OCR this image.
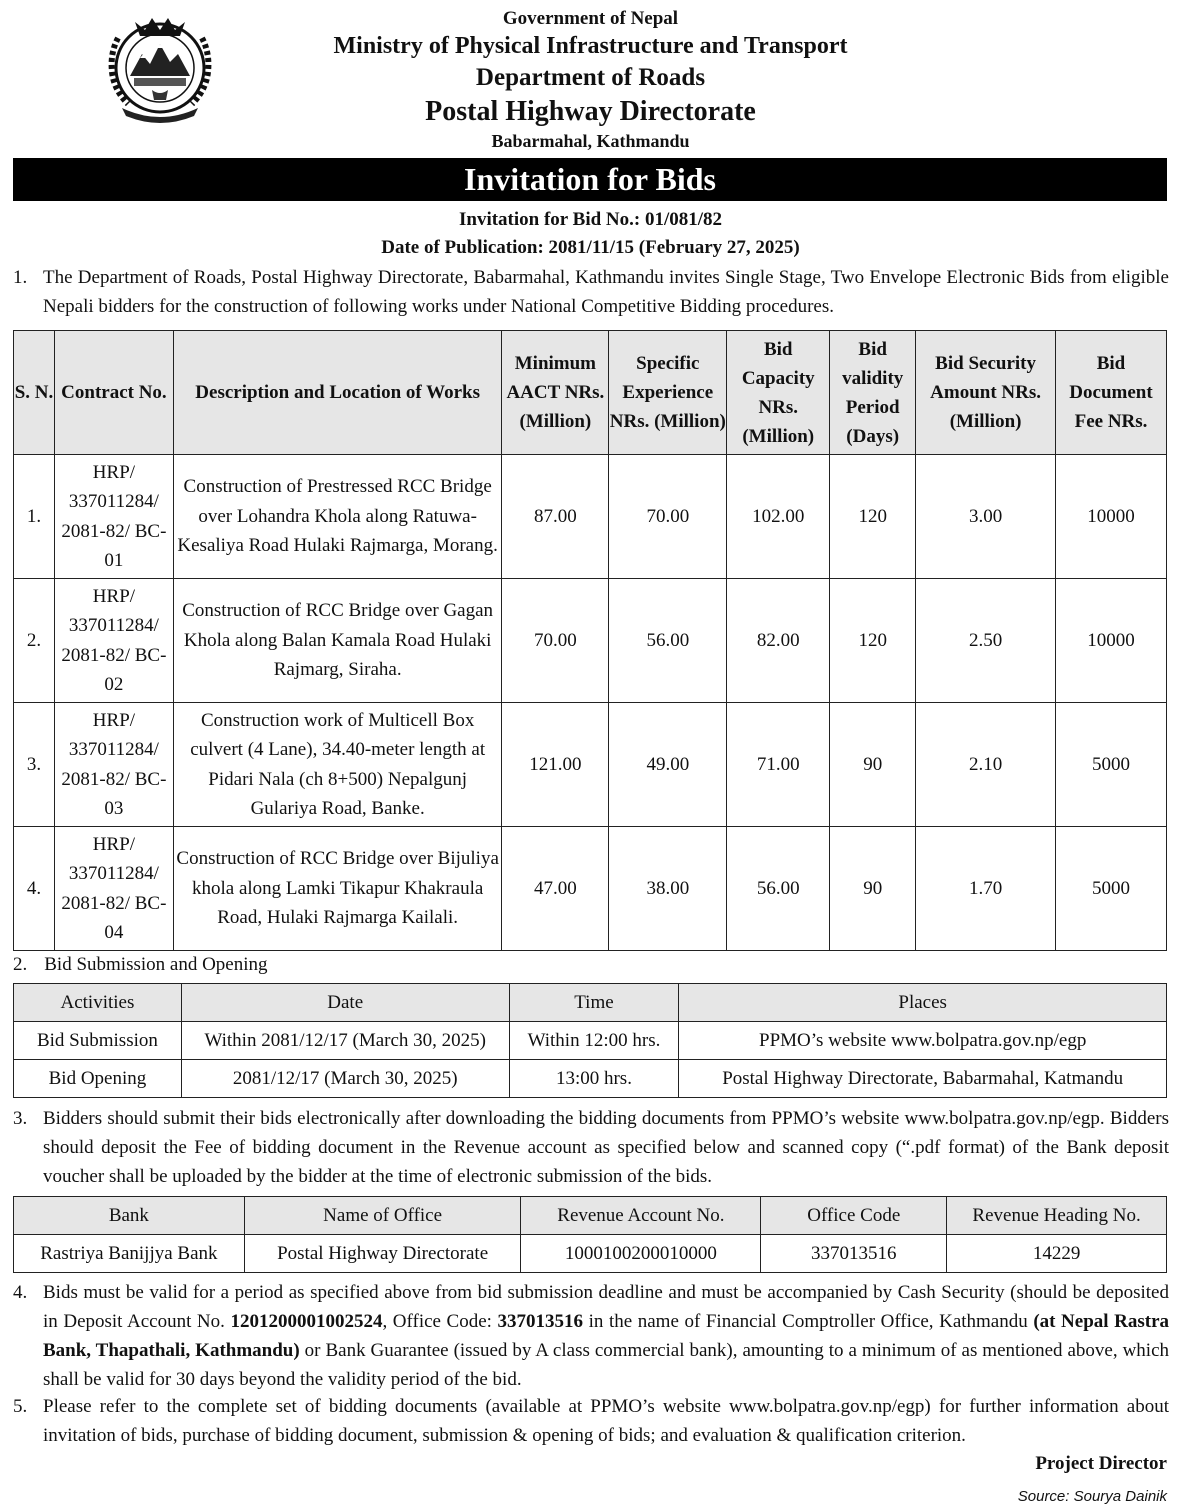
Government of Nepal
Ministry of Physical Infrastructure and Transport
Department of Roads
Postal Highway Directorate
Babarmahal, Kathmandu
Invitation for Bids
Invitation for Bid No.: 01/081/82
Date of Publication: 2081/11/15 (February 27, 2025)
1. The Department of Roads, Postal Highway Directorate, Babarmahal, Kathmandu invites Single Stage, Two Envelope Electronic Bids from eligible Nepali bidders for the construction of following works under National Competitive Bidding procedures.
S. N.	Contract No.	Description and Location of Works	Minimum AACT NRs. (Million)	Specific Experience NRs. (Million)	Bid Capacity NRs. (Million)	Bid validity Period (Days)	Bid Security Amount NRs. (Million)	Bid Document Fee NRs.
1.	HRP/ 337011284/ 2081-82/ BC-01	Construction of Prestressed RCC Bridge over Lohandra Khola along Ratuwa- Kesaliya Road Hulaki Rajmarga, Morang.	87.00	70.00	102.00	120	3.00	10000
2.	HRP/ 337011284/ 2081-82/ BC-02	Construction of RCC Bridge over Gagan Khola along Balan Kamala Road Hulaki Rajmarg, Siraha.	70.00	56.00	82.00	120	2.50	10000
3.	HRP/ 337011284/ 2081-82/ BC-03	Construction work of Multicell Box culvert (4 Lane), 34.40-meter length at Pidari Nala (ch 8+500) Nepalgunj Gulariya Road, Banke.	121.00	49.00	71.00	90	2.10	5000
4.	HRP/ 337011284/ 2081-82/ BC-04	Construction of RCC Bridge over Bijuliya khola along Lamki Tikapur Khakraula Road, Hulaki Rajmarga Kailali.	47.00	38.00	56.00	90	1.70	5000
2. Bid Submission and Opening
Activities	Date	Time	Places
Bid Submission	Within 2081/12/17 (March 30, 2025)	Within 12:00 hrs.	PPMO’s website www.bolpatra.gov.np/egp
Bid Opening	2081/12/17 (March 30, 2025)	13:00 hrs.	Postal Highway Directorate, Babarmahal, Katmandu
3. Bidders should submit their bids electronically after downloading the bidding documents from PPMO’s website www.bolpatra.gov.np/egp. Bidders should deposit the Fee of bidding document in the Revenue account as specified below and scanned copy (“.pdf format) of the Bank deposit voucher shall be uploaded by the bidder at the time of electronic submission of the bids.
Bank	Name of Office	Revenue Account No.	Office Code	Revenue Heading No.
Rastriya Banijjya Bank	Postal Highway Directorate	1000100200010000	337013516	14229
4. Bids must be valid for a period as specified above from bid submission deadline and must be accompanied by Cash Security (should be deposited in Deposit Account No. 1201200001002524, Office Code: 337013516 in the name of Financial Comptroller Office, Kathmandu (at Nepal Rastra Bank, Thapathali, Kathmandu) or Bank Guarantee (issued by A class commercial bank), amounting to a minimum of as mentioned above, which shall be valid for 30 days beyond the validity period of the bid.
5. Please refer to the complete set of bidding documents (available at PPMO’s website www.bolpatra.gov.np/egp) for further information about invitation of bids, purchase of bidding document, submission & opening of bids; and evaluation & qualification criterion.
Project Director
Source: Sourya Dainik
